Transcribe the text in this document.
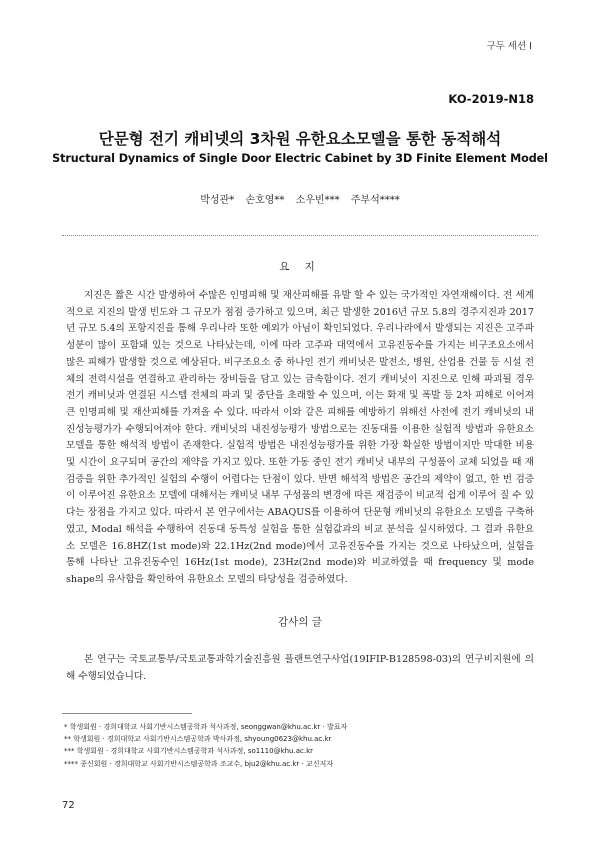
구두 세션 Ⅰ
KO-2019-N18
단문형 전기 캐비넷의 3차원 유한요소모델을 통한 동적해석
Structural Dynamics of Single Door Electric Cabinet by 3D Finite Element Model
박성관* 손호영** 소우빈*** 주부석****
요 지

지진은 짧은 시간 발생하여 수많은 인명피해 및 재산피해를 유발 할 수 있는 국가적인 자연재해이다. 전 세계적으로 지진의 발생 빈도와 그 규모가 점점 증가하고 있으며, 최근 발생한 2016년 규모 5.8의 경주지진과 2017년 규모 5.4의 포항지진을 통해 우리나라 또한 예외가 아님이 확인되었다. 우리나라에서 발생되는 지진은 고주파 성분이 많이 포함돼 있는 것으로 나타났는데, 이에 따라 고주파 대역에서 고유진동수를 가지는 비구조요소에서 많은 피해가 발생할 것으로 예상된다. 비구조요소 중 하나인 전기 캐비닛은 발전소, 병원, 산업용 건물 등 시설 전체의 전력시설을 연결하고 관리하는 장비들을 담고 있는 금속함이다. 전기 캐비닛이 지진으로 인해 파괴될 경우 전기 캐비닛과 연결된 시스템 전체의 파괴 및 중단을 초래할 수 있으며, 이는 화재 및 폭발 등 2차 피해로 이어져 큰 인명피해 및 재산피해를 가져올 수 있다. 따라서 이와 같은 피해를 예방하기 위해선 사전에 전기 캐비닛의 내진성능평가가 수행되어져야 한다. 캐비닛의 내진성능평가 방법으로는 진동대를 이용한 실험적 방법과 유한요소 모델을 통한 해석적 방법이 존재한다. 실험적 방법은 내진성능평가를 위한 가장 확실한 방법이지만 막대한 비용 및 시간이 요구되며 공간의 제약을 가지고 있다. 또한 가동 중인 전기 캐비닛 내부의 구성품이 교체 되었을 때 재검증을 위한 추가적인 실험의 수행이 어렵다는 단점이 있다. 반면 해석적 방법은 공간의 제약이 없고, 한 번 검증이 이루어진 유한요소 모델에 대해서는 캐비닛 내부 구성품의 변경에 따른 재검증이 비교적 쉽게 이루어 질 수 있다는 장점을 가지고 있다. 따라서 본 연구에서는 ABAQUS를 이용하여 단문형 캐비닛의 유한요소 모델을 구축하였고, Modal 해석을 수행하여 진동대 동특성 실험을 통한 실험값과의 비교 분석을 실시하였다. 그 결과 유한요소 모델은 16.8HZ(1st mode)와 22.1Hz(2nd mode)에서 고유진동수를 가지는 것으로 나타났으며, 실험을 통해 나타난 고유진동수인 16Hz(1st mode), 23Hz(2nd mode)와 비교하였을 때 frequency 및 mode shape의 유사함을 확인하여 유한요소 모델의 타당성을 검증하였다.

감사의 글

본 연구는 국토교통부/국토교통과학기술진흥원 플랜트연구사업(19IFIP-B128598-03)의 연구비지원에 의해 수행되었습니다.

* 학생회원 · 경희대학교 사회기반시스템공학과 석사과정, seonggwan@khu.ac.kr · 발표자
** 학생회원 · 경희대학교 사회기반시스템공학과 박사과정, shyoung0623@khu.ac.kr
*** 학생회원 · 경희대학교 사회기반시스템공학과 석사과정, so1110@khu.ac.kr
**** 종신회원 · 경희대학교 사회기반시스템공학과 조교수, bju2@khu.ac.kr · 교신저자
72
